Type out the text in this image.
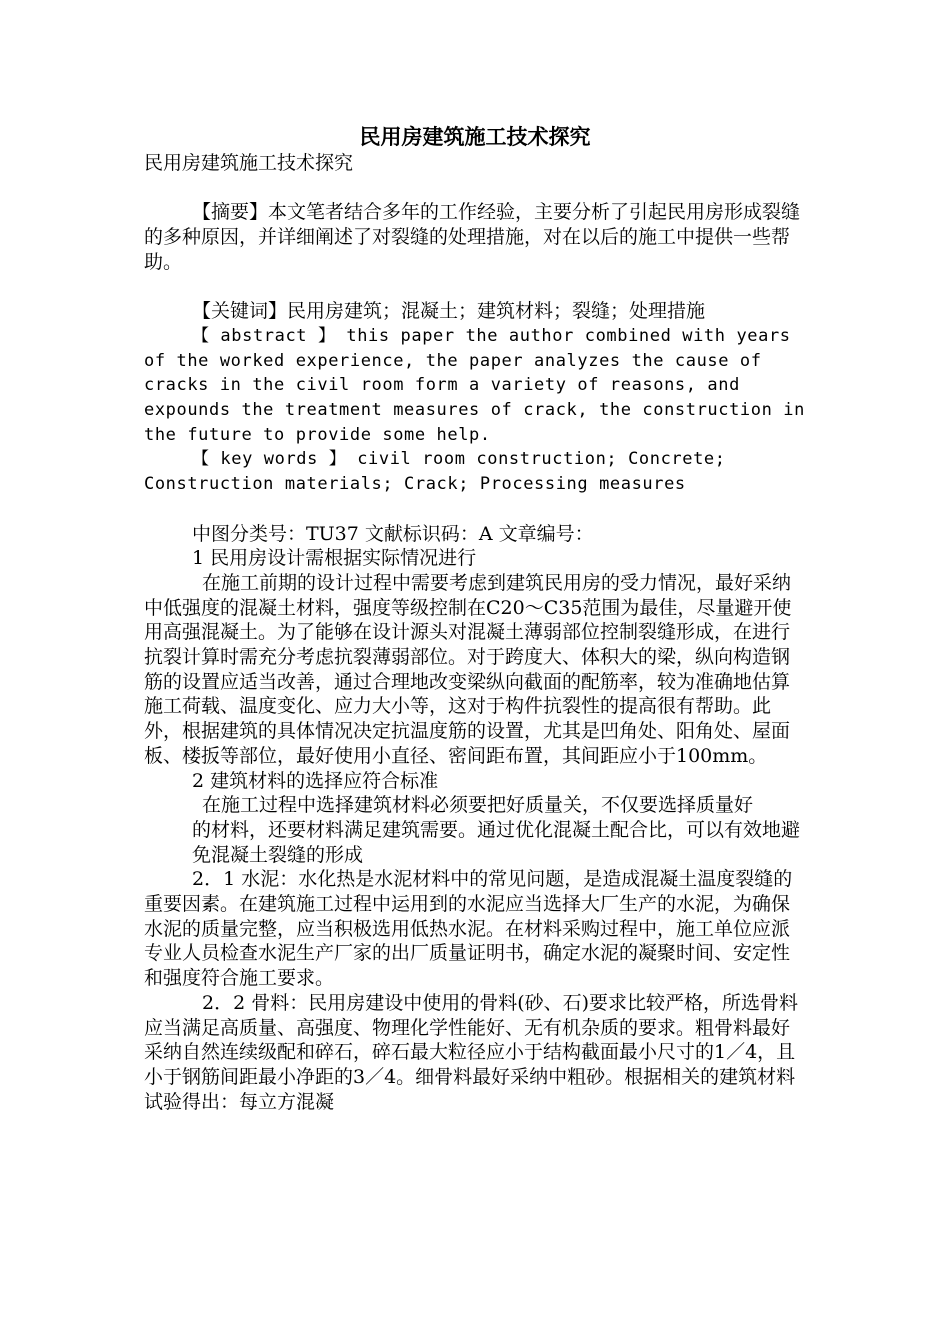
民用房建筑施工技术探究

民用房建筑施工技术探究

【摘要】本文笔者结合多年的工作经验，主要分析了引起民用房形成裂缝的多种原因，并详细阐述了对裂缝的处理措施，对在以后的施工中提供一些帮助。

【关键词】民用房建筑；混凝土；建筑材料；裂缝；处理措施

【 abstract 】 this paper the author combined with years of the worked experience, the paper analyzes the cause of cracks in the civil room form a variety of reasons, and expounds the treatment measures of crack, the construction in the future to provide some help.

【 key words 】 civil room construction; Concrete; Construction materials; Crack; Processing measures

中图分类号：TU37 文献标识码：A 文章编号：

1 民用房设计需根据实际情况进行

在施工前期的设计过程中需要考虑到建筑民用房的受力情况，最好采纳中低强度的混凝土材料，强度等级控制在C20～C35范围为最佳，尽量避开使用高强混凝土。为了能够在设计源头对混凝土薄弱部位控制裂缝形成，在进行抗裂计算时需充分考虑抗裂薄弱部位。对于跨度大、体积大的梁，纵向构造钢筋的设置应适当改善，通过合理地改变梁纵向截面的配筋率，较为准确地估算施工荷载、温度变化、应力大小等，这对于构件抗裂性的提高很有帮助。此外，根据建筑的具体情况决定抗温度筋的设置，尤其是凹角处、阳角处、屋面板、楼扳等部位，最好使用小直径、密间距布置，其间距应小于100mm。

2 建筑材料的选择应符合标准

在施工过程中选择建筑材料必须要把好质量关，不仅要选择质量好

的材料，还要材料满足建筑需要。通过优化混凝土配合比，可以有效地避

免混凝土裂缝的形成

2．1 水泥：水化热是水泥材料中的常见问题，是造成混凝土温度裂缝的重要因素。在建筑施工过程中运用到的水泥应当选择大厂生产的水泥，为确保水泥的质量完整，应当积极选用低热水泥。在材料采购过程中，施工单位应派专业人员检查水泥生产厂家的出厂质量证明书，确定水泥的凝聚时间、安定性和强度符合施工要求。

2．2 骨料：民用房建设中使用的骨料(砂、石)要求比较严格，所选骨料应当满足高质量、高强度、物理化学性能好、无有机杂质的要求。粗骨料最好采纳自然连续级配和碎石，碎石最大粒径应小于结构截面最小尺寸的1／4，且小于钢筋间距最小净距的3／4。细骨料最好采纳中粗砂。根据相关的建筑材料试验得出：每立方混凝
